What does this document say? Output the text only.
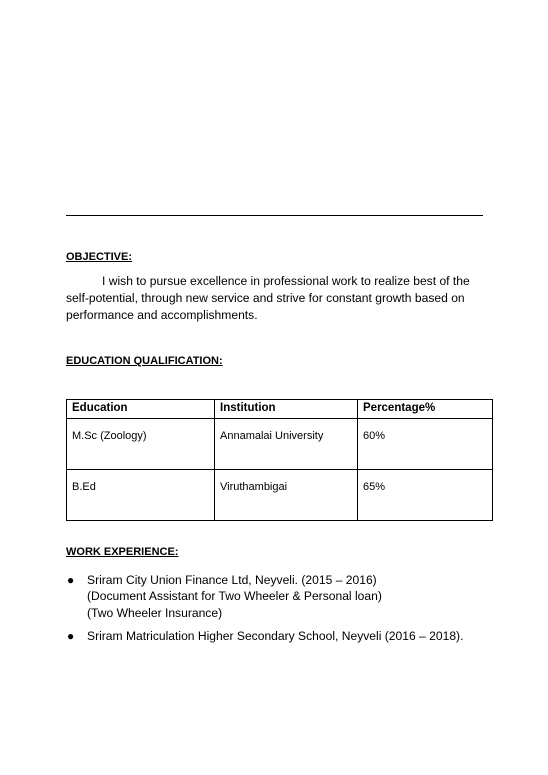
OBJECTIVE:

I wish to pursue excellence in professional work to realize best of the self-potential, through new service and strive for constant growth based on performance and accomplishments.

EDUCATION QUALIFICATION:
Education	Institution	Percentage%
M.Sc (Zoology)	Annamalai University	60%
B.Ed	Viruthambigai	65%
WORK EXPERIENCE:
● Sriram City Union Finance Ltd, Neyveli. (2015 – 2016)
(Document Assistant for Two Wheeler & Personal loan)
(Two Wheeler Insurance)
● Sriram Matriculation Higher Secondary School, Neyveli (2016 – 2018).
